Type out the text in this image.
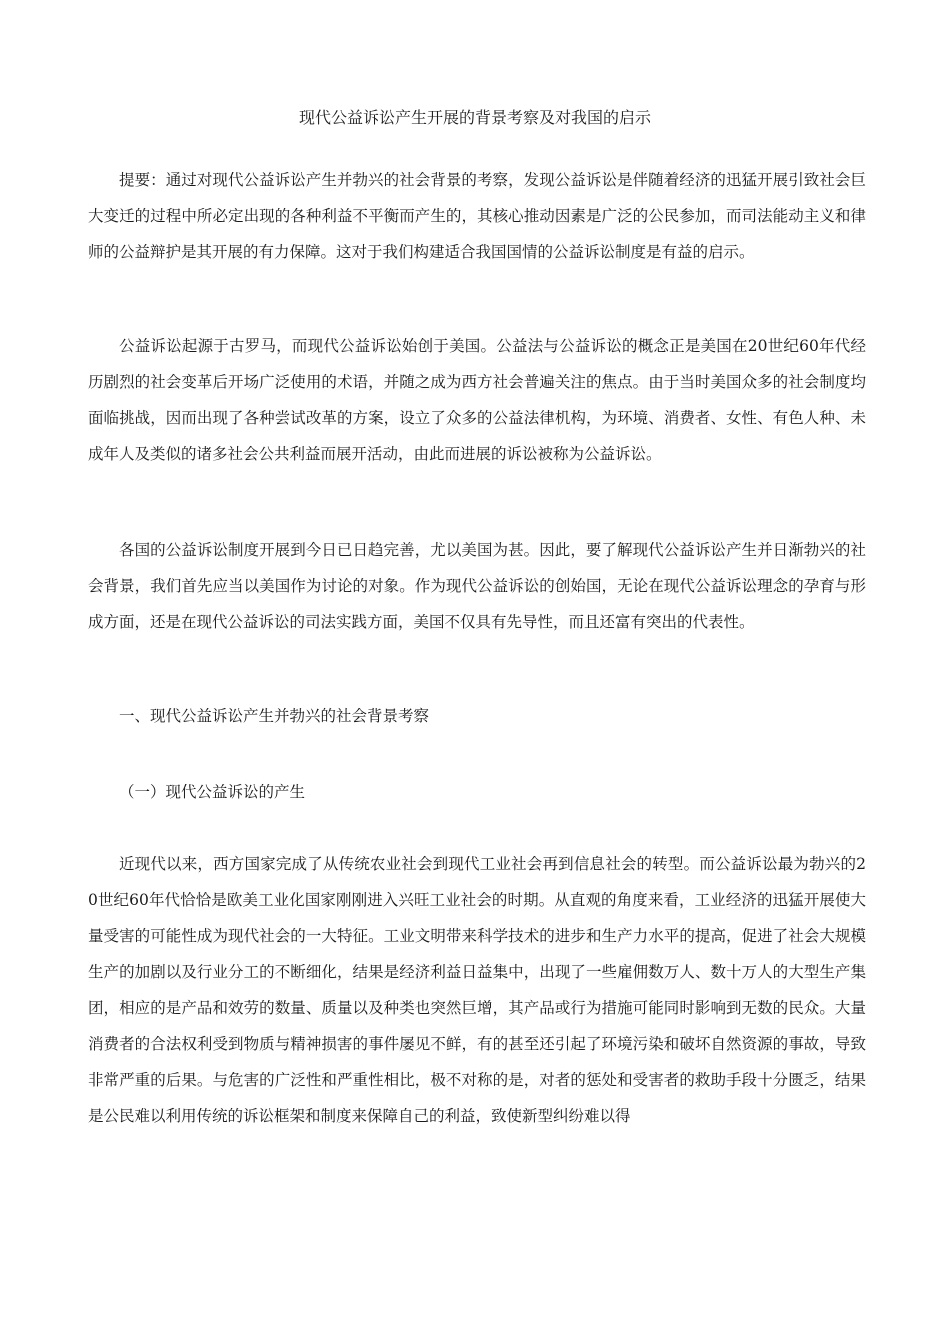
现代公益诉讼产生开展的背景考察及对我国的启示

提要：通过对现代公益诉讼产生并勃兴的社会背景的考察，发现公益诉讼是伴随着经济的迅猛开展引致社会巨大变迁的过程中所必定出现的各种利益不平衡而产生的，其核心推动因素是广泛的公民参加，而司法能动主义和律师的公益辩护是其开展的有力保障。这对于我们构建适合我国国情的公益诉讼制度是有益的启示。

公益诉讼起源于古罗马，而现代公益诉讼始创于美国。公益法与公益诉讼的概念正是美国在20世纪60年代经历剧烈的社会变革后开场广泛使用的术语，并随之成为西方社会普遍关注的焦点。由于当时美国众多的社会制度均面临挑战，因而出现了各种尝试改革的方案，设立了众多的公益法律机构，为环境、消费者、女性、有色人种、未成年人及类似的诸多社会公共利益而展开活动，由此而进展的诉讼被称为公益诉讼。

各国的公益诉讼制度开展到今日已日趋完善，尤以美国为甚。因此，要了解现代公益诉讼产生并日渐勃兴的社会背景，我们首先应当以美国作为讨论的对象。作为现代公益诉讼的创始国，无论在现代公益诉讼理念的孕育与形成方面，还是在现代公益诉讼的司法实践方面，美国不仅具有先导性，而且还富有突出的代表性。

一、现代公益诉讼产生并勃兴的社会背景考察
（一）现代公益诉讼的产生

近现代以来，西方国家完成了从传统农业社会到现代工业社会再到信息社会的转型。而公益诉讼最为勃兴的20世纪60年代恰恰是欧美工业化国家刚刚进入兴旺工业社会的时期。从直观的角度来看，工业经济的迅猛开展使大量受害的可能性成为现代社会的一大特征。工业文明带来科学技术的进步和生产力水平的提高，促进了社会大规模生产的加剧以及行业分工的不断细化，结果是经济利益日益集中，出现了一些雇佣数万人、数十万人的大型生产集团，相应的是产品和效劳的数量、质量以及种类也突然巨增，其产品或行为措施可能同时影响到无数的民众。大量消费者的合法权利受到物质与精神损害的事件屡见不鲜，有的甚至还引起了环境污染和破坏自然资源的事故，导致非常严重的后果。与危害的广泛性和严重性相比，极不对称的是，对者的惩处和受害者的救助手段十分匮乏，结果是公民难以利用传统的诉讼框架和制度来保障自己的利益，致使新型纠纷难以得
